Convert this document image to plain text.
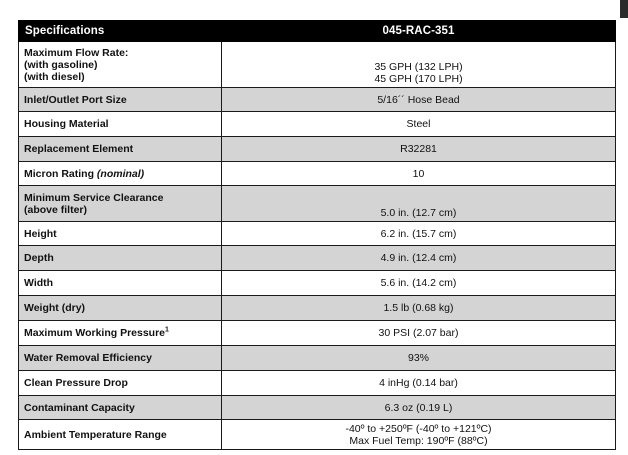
Specifications	045-RAC-351

Maximum Flow Rate:
(with gasoline)
(with diesel)	35 GPH (132 LPH)
45 GPH (170 LPH)

Inlet/Outlet Port Size	5/16´´ Hose Bead
Housing Material	Steel
Replacement Element	R32281
Micron Rating (nominal)	10

Minimum Service Clearance
(above filter)	5.0 in. (12.7 cm)
Height	6.2 in. (15.7 cm)
Depth	4.9 in. (12.4 cm)
Width	5.6 in. (14.2 cm)
Weight (dry)	1.5 lb (0.68 kg)
Maximum Working Pressure$^1$	30 PSI (2.07 bar)
Water Removal Efficiency	93%
Clean Pressure Drop	4 inHg (0.14 bar)
Contaminant Capacity	6.3 oz (0.19 L)
Ambient Temperature Range	-40º to +250ºF (-40º to +121ºC)
Max Fuel Temp: 190ºF (88ºC)
